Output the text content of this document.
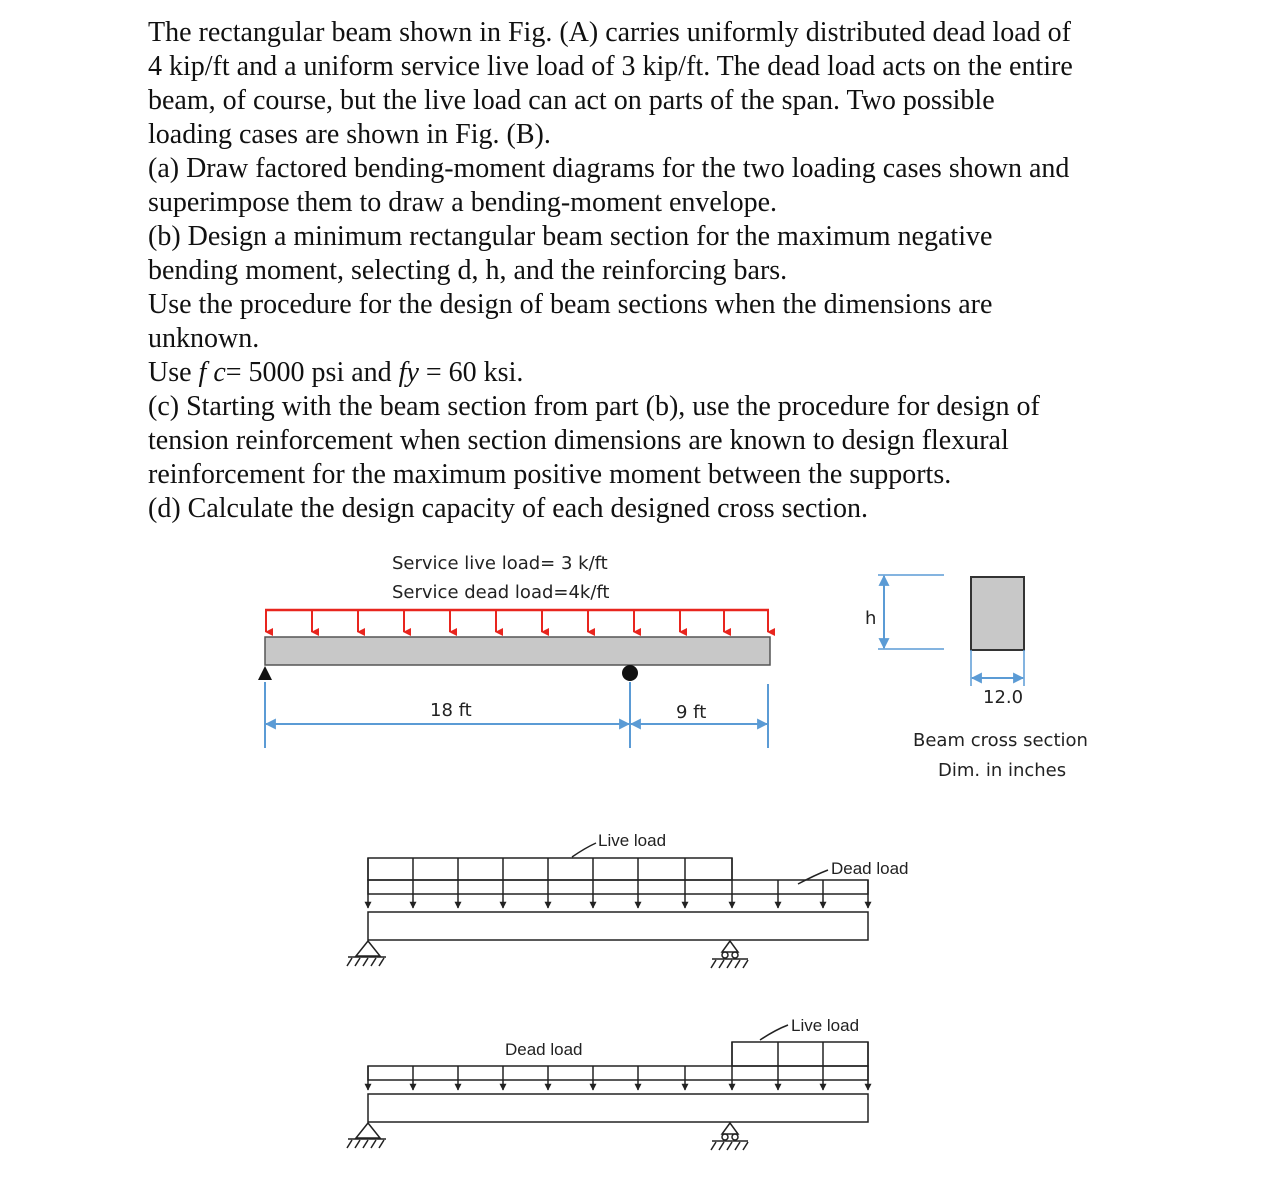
The rectangular beam shown in Fig. (A) carries uniformly distributed dead load of

4 kip/ft and a uniform service live load of 3 kip/ft. The dead load acts on the entire

beam, of course, but the live load can act on parts of the span. Two possible

loading cases are shown in Fig. (B).

(a) Draw factored bending-moment diagrams for the two loading cases shown and

superimpose them to draw a bending-moment envelope.

(b) Design a minimum rectangular beam section for the maximum negative

bending moment, selecting d, h, and the reinforcing bars.

Use the procedure for the design of beam sections when the dimensions are

unknown.

Use f c= 5000 psi and fy = 60 ksi.

(c) Starting with the beam section from part (b), use the procedure for design of

tension reinforcement when section dimensions are known to design flexural

reinforcement for the maximum positive moment between the supports.

(d) Calculate the design capacity of each designed cross section.

Service live load= 3 k/ft
Service dead load=4k/ft
18 ft	9 ft
h
12.0
Beam cross section
Dim. in inches
Live load
Dead load
Dead load
Live load
